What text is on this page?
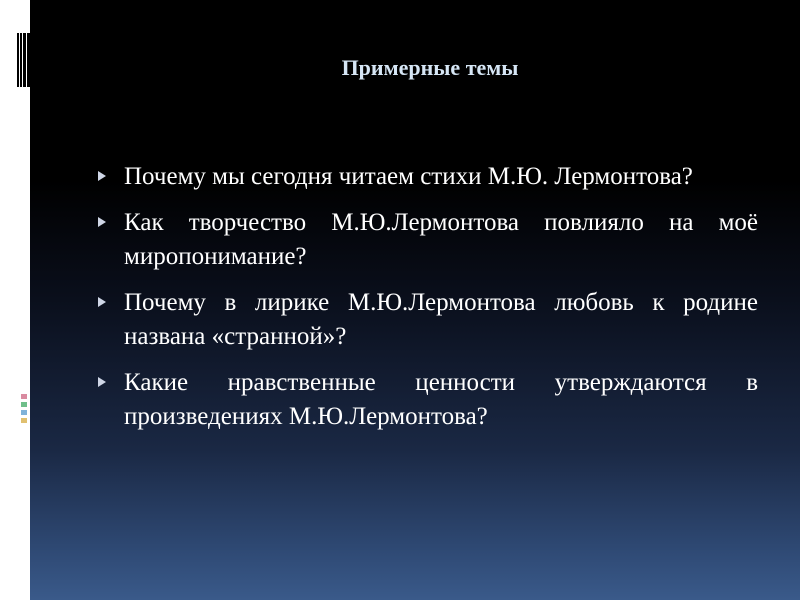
Примерные темы
Почему мы сегодня читаем стихи М.Ю. Лермонтова?
Как творчество М.Ю.Лермонтова повлияло на моё миропонимание?
Почему в лирике М.Ю.Лермонтова любовь к родине названа «странной»?
Какие нравственные ценности утверждаются в произведениях М.Ю.Лермонтова?
